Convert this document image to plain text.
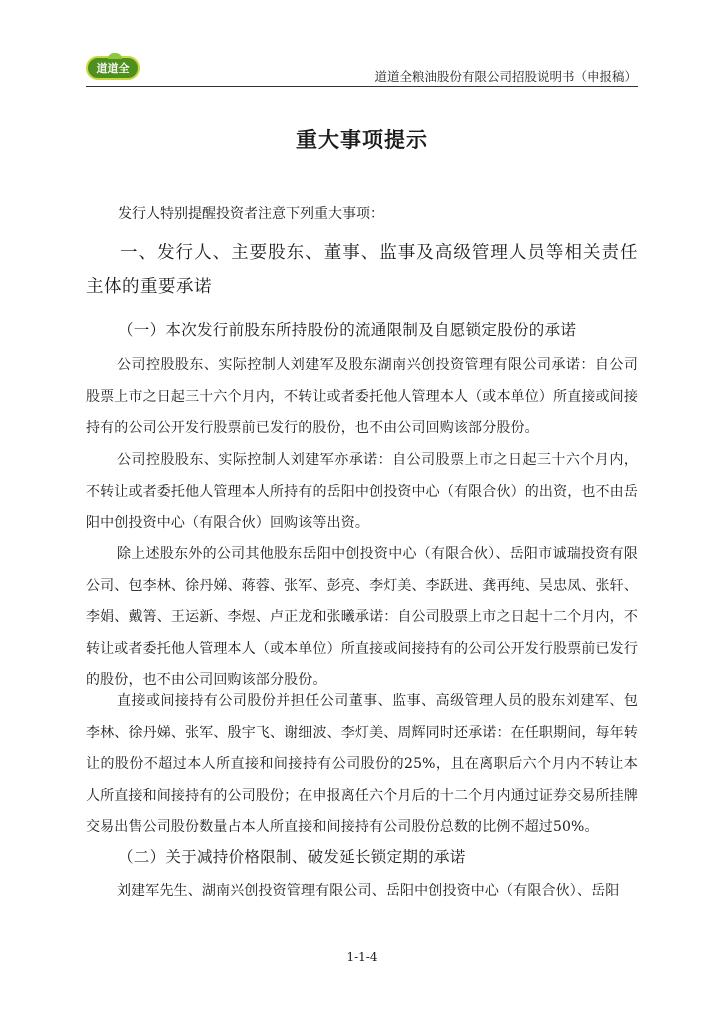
道道全
道道全粮油股份有限公司招股说明书（申报稿）
重大事项提示
发行人特别提醒投资者注意下列重大事项：
一、发行人、主要股东、董事、监事及高级管理人员等相关责任主体的重要承诺
（一）本次发行前股东所持股份的流通限制及自愿锁定股份的承诺
公司控股股东、实际控制人刘建军及股东湖南兴创投资管理有限公司承诺：自公司股票上市之日起三十六个月内，不转让或者委托他人管理本人（或本单位）所直接或间接持有的公司公开发行股票前已发行的股份，也不由公司回购该部分股份。
公司控股股东、实际控制人刘建军亦承诺：自公司股票上市之日起三十六个月内，不转让或者委托他人管理本人所持有的岳阳中创投资中心（有限合伙）的出资，也不由岳阳中创投资中心（有限合伙）回购该等出资。
除上述股东外的公司其他股东岳阳中创投资中心（有限合伙）、岳阳市诚瑞投资有限公司、包李林、徐丹娣、蒋蓉、张军、彭亮、李灯美、李跃进、龚再纯、吴忠凤、张轩、李娟、戴箐、王运新、李煜、卢正龙和张曦承诺：自公司股票上市之日起十二个月内，不转让或者委托他人管理本人（或本单位）所直接或间接持有的公司公开发行股票前已发行的股份，也不由公司回购该部分股份。
直接或间接持有公司股份并担任公司董事、监事、高级管理人员的股东刘建军、包李林、徐丹娣、张军、殷宇飞、谢细波、李灯美、周辉同时还承诺：在任职期间，每年转让的股份不超过本人所直接和间接持有公司股份的25%，且在离职后六个月内不转让本人所直接和间接持有的公司股份；在申报离任六个月后的十二个月内通过证券交易所挂牌交易出售公司股份数量占本人所直接和间接持有公司股份总数的比例不超过50%。
（二）关于减持价格限制、破发延长锁定期的承诺
刘建军先生、湖南兴创投资管理有限公司、岳阳中创投资中心（有限合伙）、岳阳
1-1-4
